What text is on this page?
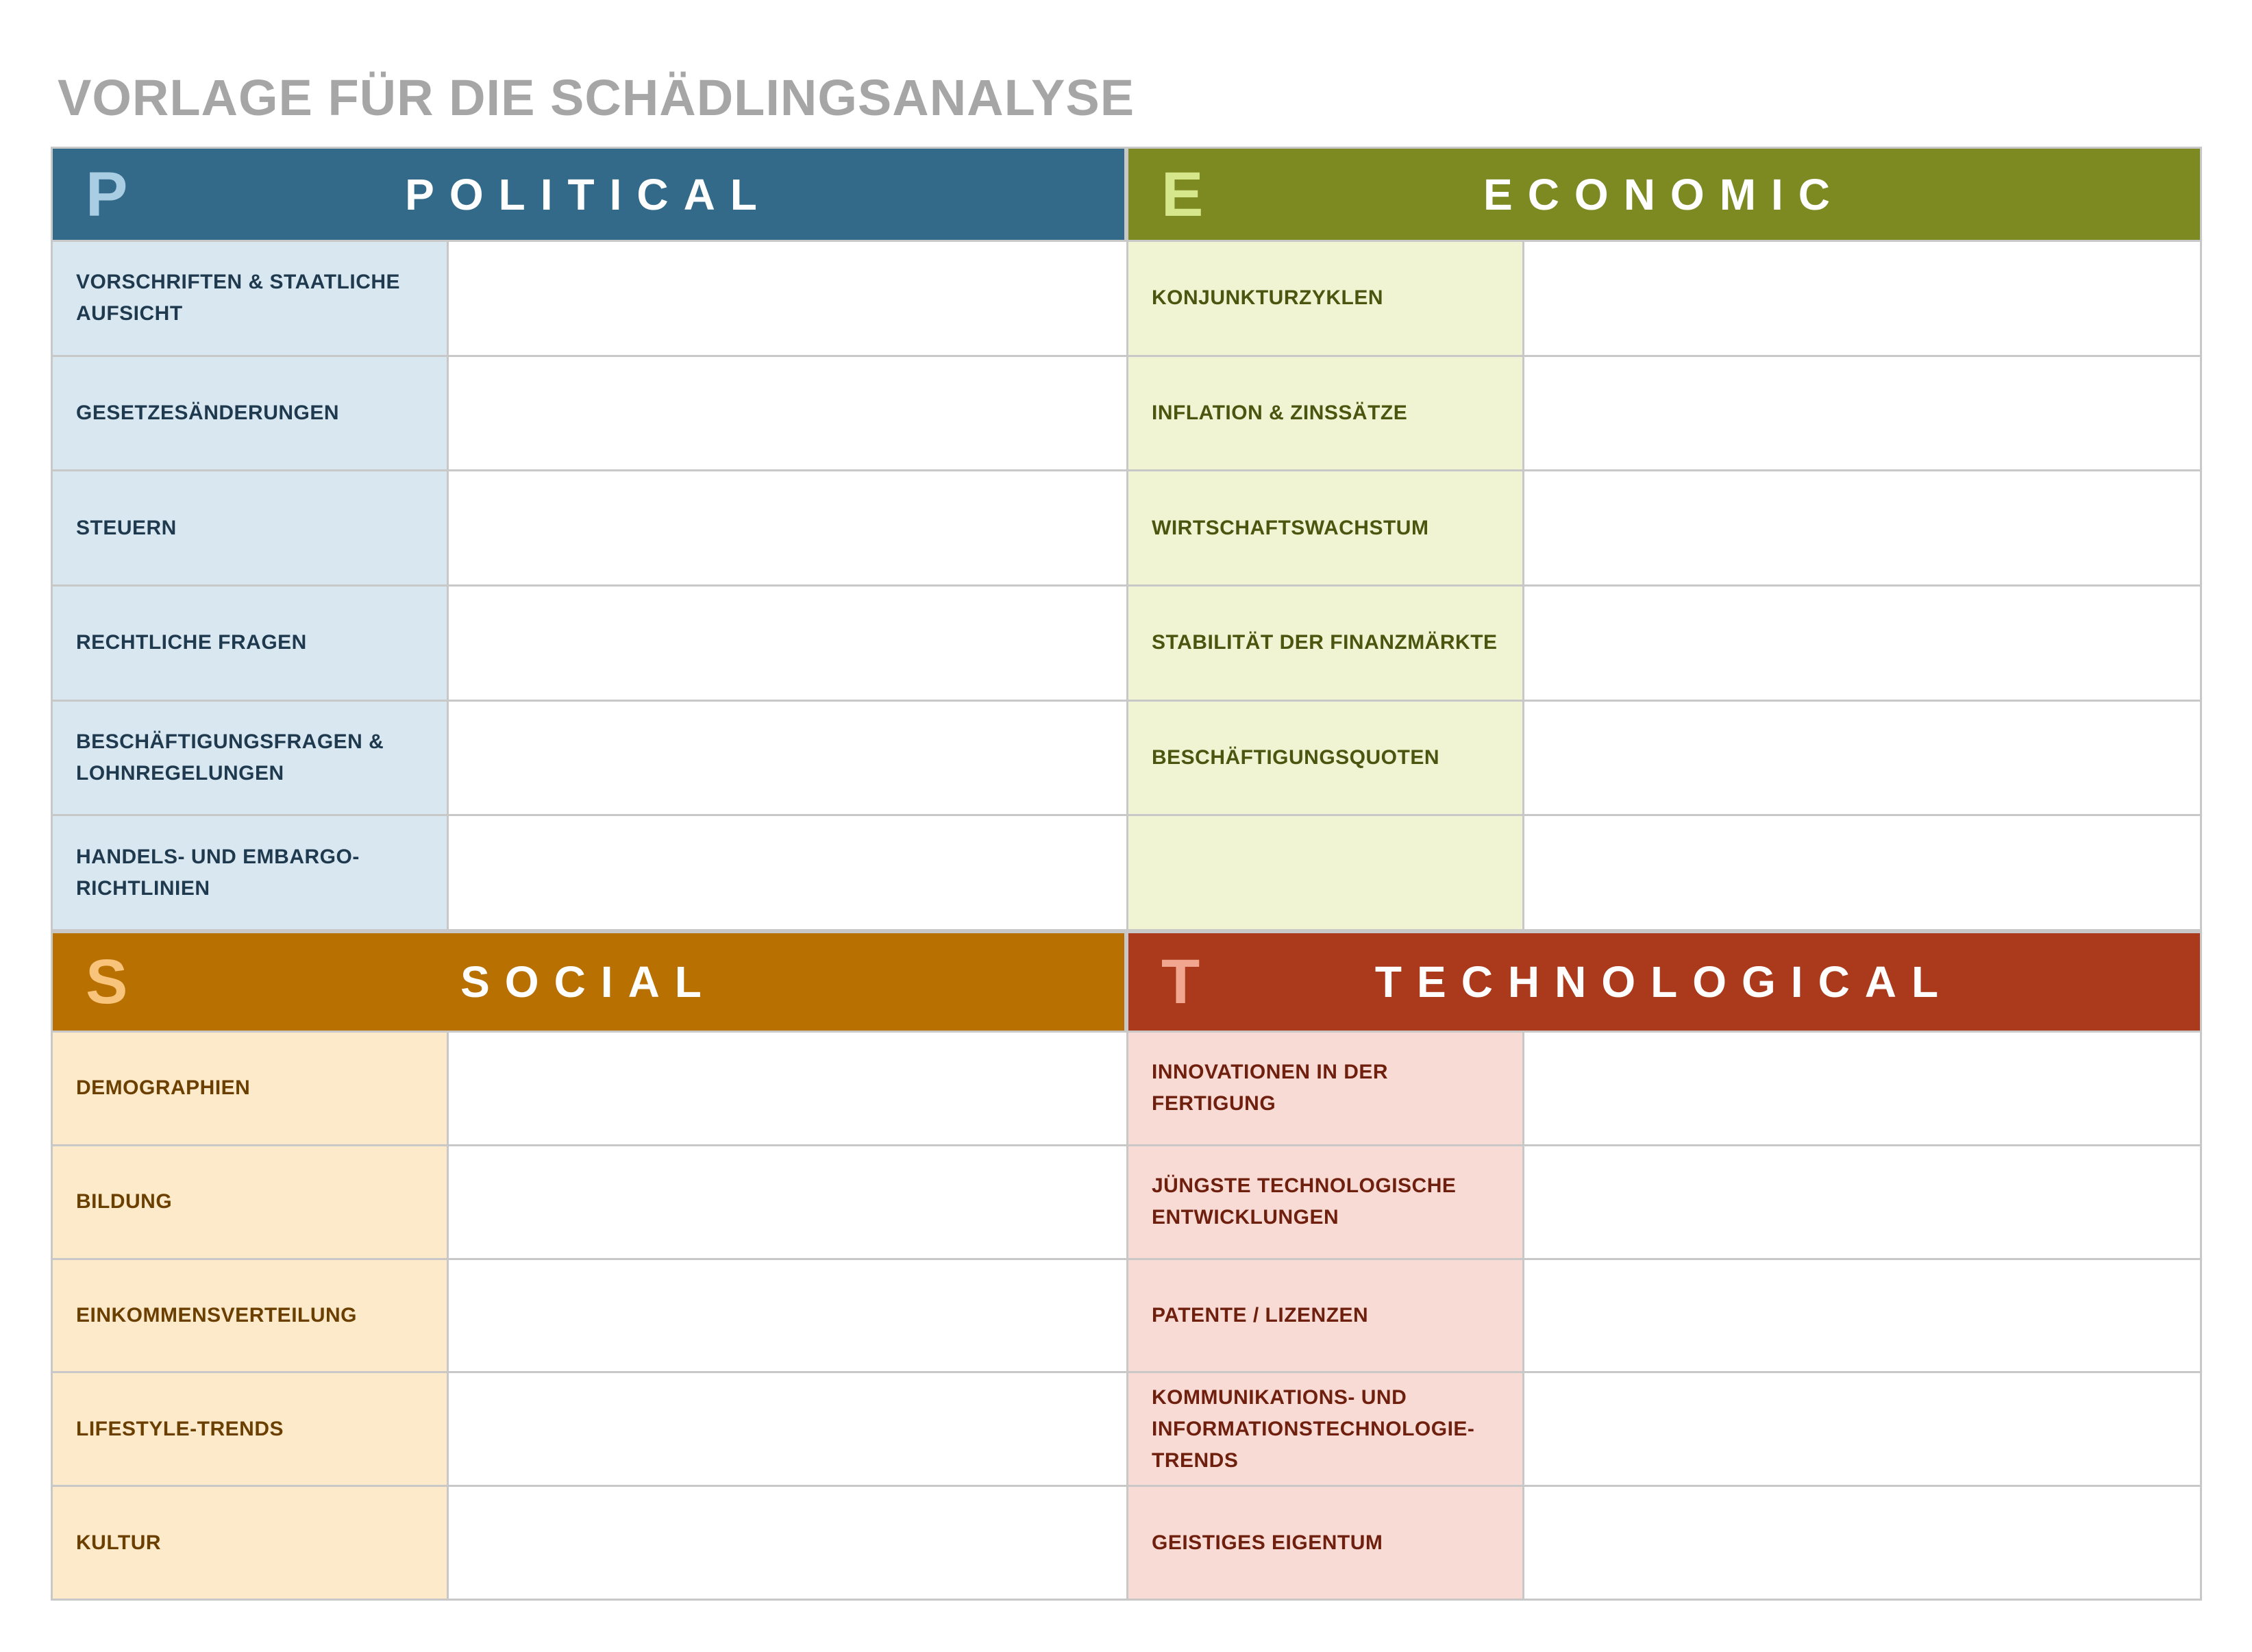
VORLAGE FÜR DIE SCHÄDLINGSANALYSE
P	POLITICAL
VORSCHRIFTEN & STAATLICHE AUFSICHT
GESETZESÄNDERUNGEN
STEUERN
RECHTLICHE FRAGEN
BESCHÄFTIGUNGSFRAGEN & LOHNREGELUNGEN
HANDELS- UND EMBARGO-RICHTLINIEN
E	ECONOMIC
KONJUNKTURZYKLEN
INFLATION & ZINSSÄTZE
WIRTSCHAFTSWACHSTUM
STABILITÄT DER FINANZMÄRKTE
BESCHÄFTIGUNGSQUOTEN
S	SOCIAL
DEMOGRAPHIEN
BILDUNG
EINKOMMENSVERTEILUNG
LIFESTYLE-TRENDS
KULTUR
T	TECHNOLOGICAL
INNOVATIONEN IN DER FERTIGUNG
JÜNGSTE TECHNOLOGISCHE ENTWICKLUNGEN
PATENTE / LIZENZEN
KOMMUNIKATIONS- UND INFORMATIONSTECHNOLOGIE-TRENDS
GEISTIGES EIGENTUM
